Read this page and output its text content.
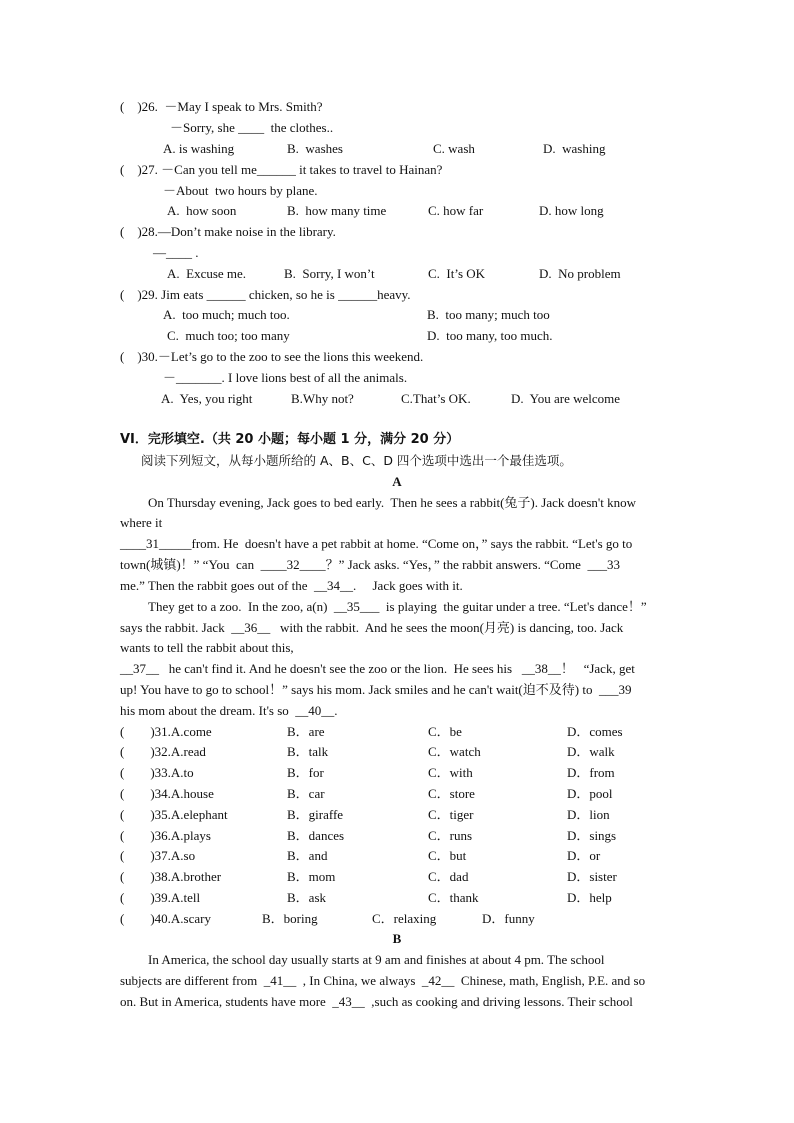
(    )26.  －May I speak to Mrs. Smith?
－Sorry, she ____  the clothes..
A. is washing	B.  washes	C. wash	D.  washing
(    )27. －Can you tell me______ it takes to travel to Hainan?
－About  two hours by plane.
A.  how soon	B.  how many time	C. how far	D. how long
(    )28.—Don’t make noise in the library.
—____ .
A.  Excuse me.	B.  Sorry, I won’t	C.  It’s OK	D.  No problem
(    )29. Jim eats ______ chicken, so he is ______heavy.
A.  too much; much too.	B.  too many; much too
C.  much too; too many	D.  too many, too much.
(    )30.－Let’s go to the zoo to see the lions this weekend.
－_______. I love lions best of all the animals.
A.  Yes, you right	B.Why not?	C.That’s OK.	D.  You are welcome
VI．完形填空.（共 20 小题；每小题 1 分，满分 20 分）
阅读下列短文，从每小题所给的 A、B、C、D 四个选项中选出一个最佳选项。
A
On Thursday evening, Jack goes to bed early.  Then he sees a rabbit(兔子). Jack doesn't know
where it
____31_____from. He  doesn't have a pet rabbit at home. “Come on，” says the rabbit. “Let's go to
town(城镇)！” “You  can  ____32____？” Jack asks. “Yes，” the rabbit answers. “Come  ___33
me.” Then the rabbit goes out of the  __34__.     Jack goes with it.
They get to a zoo.  In the zoo, a(n)  __35___  is playing  the guitar under a tree. “Let's dance！”
says the rabbit. Jack  __36__   with the rabbit.  And he sees the moon(月亮) is dancing, too. Jack
wants to tell the rabbit about this,
__37__   he can't find it. And he doesn't see the zoo or the lion.  He sees his   __38__！   “Jack, get
up! You have to go to school！” says his mom. Jack smiles and he can't wait(迫不及待) to  ___39
his mom about the dream. It's so  __40__.
(        )31.A.come	B．are	C．be	D．comes
(        )32.A.read	B．talk	C．watch	D．walk
(        )33.A.to	B．for	C．with	D．from
(        )34.A.house	B．car	C．store	D．pool
(        )35.A.elephant	B．giraffe	C．tiger	D．lion
(        )36.A.plays	B．dances	C．runs	D．sings
(        )37.A.so	B．and	C．but	D．or
(        )38.A.brother	B．mom	C．dad	D．sister
(        )39.A.tell	B．ask	C．thank	D．help
(        )40.A.scary	B．boring	C．relaxing	D．funny
B
In America, the school day usually starts at 9 am and finishes at about 4 pm. The school
subjects are different from  _41__  , In China, we always  _42__  Chinese, math, English, P.E. and so
on. But in America, students have more  _43__  ,such as cooking and driving lessons. Their school
